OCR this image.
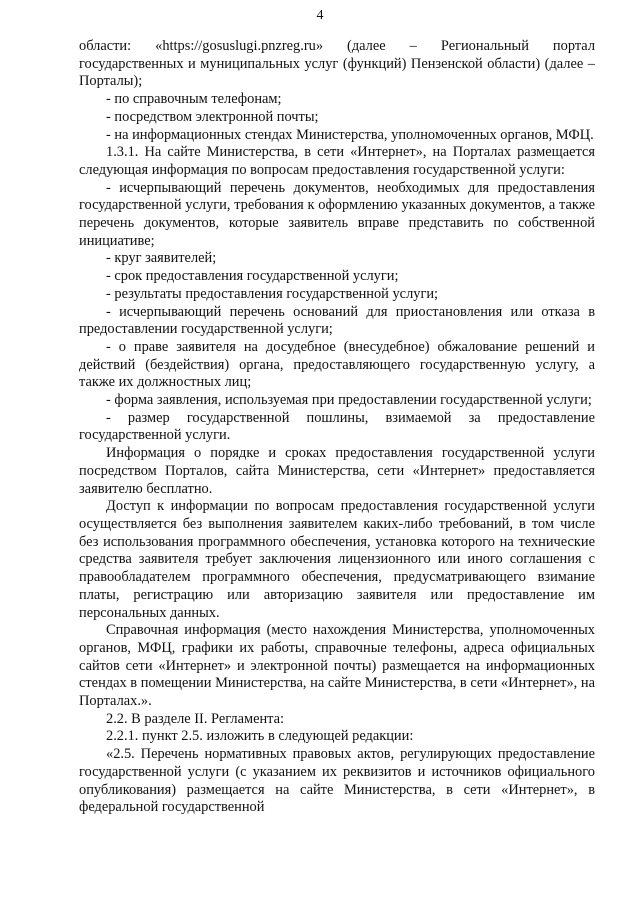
4

области: «https://gosuslugi.pnzreg.ru» (далее – Региональный портал государственных и муниципальных услуг (функций) Пензенской области) (далее – Порталы);

- по справочным телефонам;

- посредством электронной почты;

- на информационных стендах Министерства, уполномоченных органов, МФЦ.

1.3.1. На сайте Министерства, в сети «Интернет», на Порталах размещается следующая информация по вопросам предоставления государственной услуги:

- исчерпывающий перечень документов, необходимых для предоставления государственной услуги, требования к оформлению указанных документов, а также перечень документов, которые заявитель вправе представить по собственной инициативе;

- круг заявителей;

- срок предоставления государственной услуги;

- результаты предоставления государственной услуги;

- исчерпывающий перечень оснований для приостановления или отказа в предоставлении государственной услуги;

- о праве заявителя на досудебное (внесудебное) обжалование решений и действий (бездействия) органа, предоставляющего государственную услугу, а также их должностных лиц;

- форма заявления, используемая при предоставлении государственной услуги;

- размер государственной пошлины, взимаемой за предоставление государственной услуги.

Информация о порядке и сроках предоставления государственной услуги посредством Порталов, сайта Министерства, сети «Интернет» предоставляется заявителю бесплатно.

Доступ к информации по вопросам предоставления государственной услуги осуществляется без выполнения заявителем каких-либо требований, в том числе без использования программного обеспечения, установка которого на технические средства заявителя требует заключения лицензионного или иного соглашения с правообладателем программного обеспечения, предусматривающего взимание платы, регистрацию или авторизацию заявителя или предоставление им персональных данных.

Справочная информация (место нахождения Министерства, уполномоченных органов, МФЦ, графики их работы, справочные телефоны, адреса официальных сайтов сети «Интернет» и электронной почты) размещается на информационных стендах в помещении Министерства, на сайте Министерства, в сети «Интернет», на Порталах.».

2.2. В разделе II. Регламента:

2.2.1. пункт 2.5. изложить в следующей редакции:

«2.5. Перечень нормативных правовых актов, регулирующих предоставление государственной услуги (с указанием их реквизитов и источников официального опубликования) размещается на сайте Министерства, в сети «Интернет», в федеральной государственной
